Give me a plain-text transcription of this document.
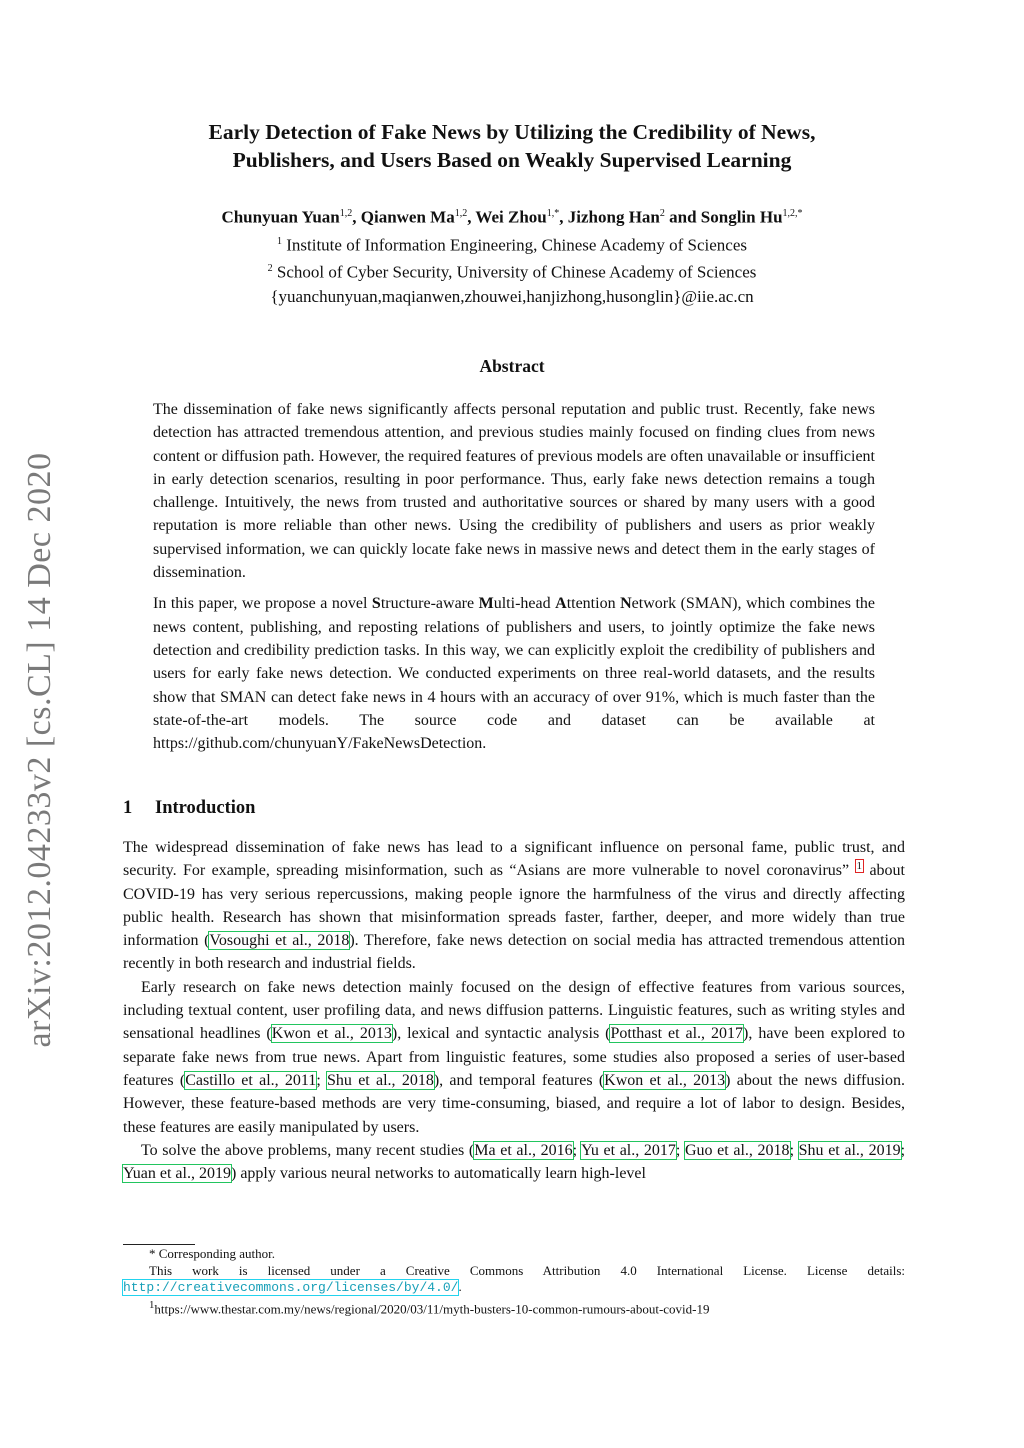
arXiv:2012.04233v2 [cs.CL] 14 Dec 2020
Early Detection of Fake News by Utilizing the Credibility of News,
Publishers, and Users Based on Weakly Supervised Learning
Chunyuan Yuan$^{1,2}$, Qianwen Ma$^{1,2}$, Wei Zhou$^{1,*}$, Jizhong Han$^2$ and Songlin $Hu^{1,2,*}$
$^1$ Institute of Information Engineering, Chinese Academy of Sciences
$^2$ School of Cyber Security, University of Chinese Academy of Sciences
{yuanchunyuan,maqianwen,zhouwei,hanjizhong,husonglin}@iie.ac.cn
Abstract

The dissemination of fake news significantly affects personal reputation and public trust. Recently, fake news detection has attracted tremendous attention, and previous studies mainly focused on finding clues from news content or diffusion path. However, the required features of previous models are often unavailable or insufficient in early detection scenarios, resulting in poor performance. Thus, early fake news detection remains a tough challenge. Intuitively, the news from trusted and authoritative sources or shared by many users with a good reputation is more reliable than other news. Using the credibility of publishers and users as prior weakly supervised information, we can quickly locate fake news in massive news and detect them in the early stages of dissemination.

In this paper, we propose a novel Structure-aware Multi-head Attention Network (SMAN), which combines the news content, publishing, and reposting relations of publishers and users, to jointly optimize the fake news detection and credibility prediction tasks. In this way, we can explicitly exploit the credibility of publishers and users for early fake news detection. We conducted experiments on three real-world datasets, and the results show that SMAN can detect fake news in 4 hours with an accuracy of over 91%, which is much faster than the state-of-the-art models. The source code and dataset can be available at https://github.com/chunyuanY/FakeNewsDetection.

1 Introduction

The widespread dissemination of fake news has lead to a significant influence on personal fame, public trust, and security. For example, spreading misinformation, such as “Asians are more vulnerable to novel coronavirus” $^1$ about COVID-19 has very serious repercussions, making people ignore the harmfulness of the virus and directly affecting public health. Research has shown that misinformation spreads faster, farther, deeper, and more widely than true information (Vosoughi et al., 2018). Therefore, fake news detection on social media has attracted tremendous attention recently in both research and industrial fields.

Early research on fake news detection mainly focused on the design of effective features from various sources, including textual content, user profiling data, and news diffusion patterns. Linguistic features, such as writing styles and sensational headlines (Kwon et al., 2013), lexical and syntactic analysis (Potthast et al., 2017), have been explored to separate fake news from true news. Apart from linguistic features, some studies also proposed a series of user-based features (Castillo et al., 2011; Shu et al., 2018), and temporal features (Kwon et al., 2013) about the news diffusion. However, these feature-based methods are very time-consuming, biased, and require a lot of labor to design. Besides, these features are easily manipulated by users.

To solve the above problems, many recent studies (Ma et al., 2016; Yu et al., 2017; Guo et al., 2018; Shu et al., 2019; Yuan et al., 2019) apply various neural networks to automatically learn high-level

* Corresponding author.

This work is licensed under a Creative Commons Attribution 4.0 International License. License details: http://creativecommons.org/licenses/by/4.0/.

$^1$https://www.thestar.com.my/news/regional/2020/03/11/myth-busters-10-common-rumours-about-covid-19
